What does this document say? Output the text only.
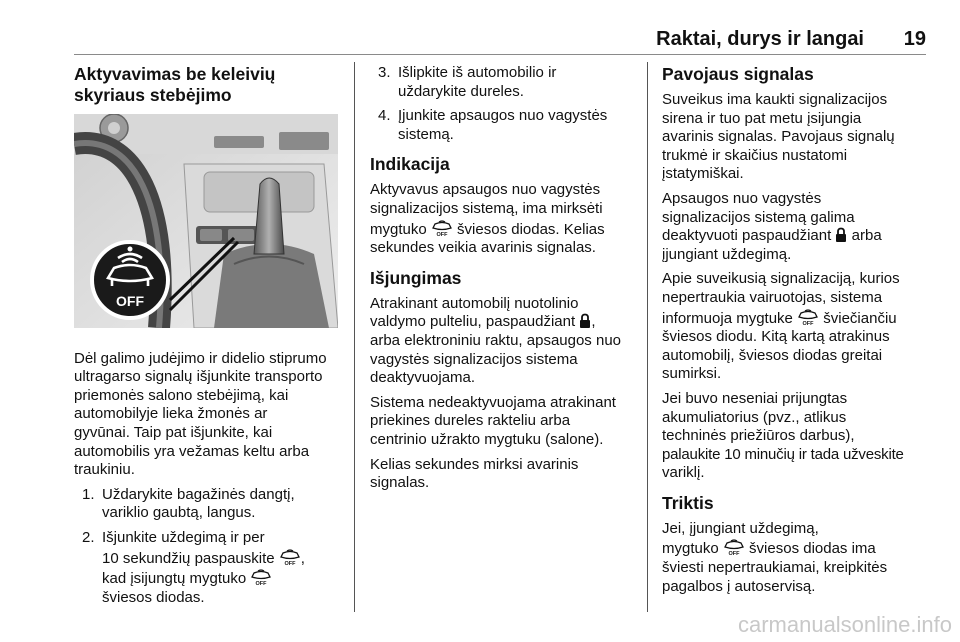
Raktai, durys ir langai 19
Aktyvavimas be keleivių skyriaus stebėjimo
OFF

Dėl galimo judėjimo ir didelio stiprumo
ultragarso signalų išjunkite transporto
priemonės salono stebėjimą, kai
automobilyje lieka žmonės ar
gyvūnai. Taip pat išjunkite, kai
automobilis yra vežamas keltu arba
traukiniu.

1. Uždarykite bagažinės dangtį,
variklio gaubtą, langus.
2. Išjunkite uždegimą ir per
10 sekundžių paspauskite OFF ,
kad įsijungtų mygtuko OFF

šviesos diodas.
3. Išlipkite iš automobilio ir
uždarykite dureles.
4. Įjunkite apsaugos nuo vagystės
sistemą.
Indikacija

Aktyvavus apsaugos nuo vagystės
signalizacijos sistemą, ima mirksėti
mygtuko OFF šviesos diodas. Kelias
sekundes veikia avarinis signalas.

Išjungimas

Atrakinant automobilį nuotolinio
valdymo pulteliu, paspaudžiant ,
arba elektroniniu raktu, apsaugos nuo
vagystės signalizacijos sistema
deaktyvuojama.

Sistema nedeaktyvuojama atrakinant
priekines dureles rakteliu arba
centrinio užrakto mygtuku (salone).

Kelias sekundes mirksi avarinis
signalas.

Pavojaus signalas

Suveikus ima kaukti signalizacijos
sirena ir tuo pat metu įsijungia
avarinis signalas. Pavojaus signalų
trukmė ir skaičius nustatomi
įstatymiškai.

Apsaugos nuo vagystės
signalizacijos sistemą galima
deaktyvuoti paspaudžiant arba
įjungiant uždegimą.

Apie suveikusią signalizaciją, kurios
nepertraukia vairuotojas, sistema
informuoja mygtuke OFF šviečiančiu
šviesos diodu. Kitą kartą atrakinus
automobilį, šviesos diodas greitai
sumirksi.

Jei buvo neseniai prijungtas
akumuliatorius (pvz., atlikus
techninės priežiūros darbus),
palaukite 10 minučių ir tada užveskite
variklį.

Triktis

Jei, įjungiant uždegimą,
mygtuko OFF šviesos diodas ima
šviesti nepertraukiamai, kreipkitės
pagalbos į autoservisą.

carmanualsonline.info
